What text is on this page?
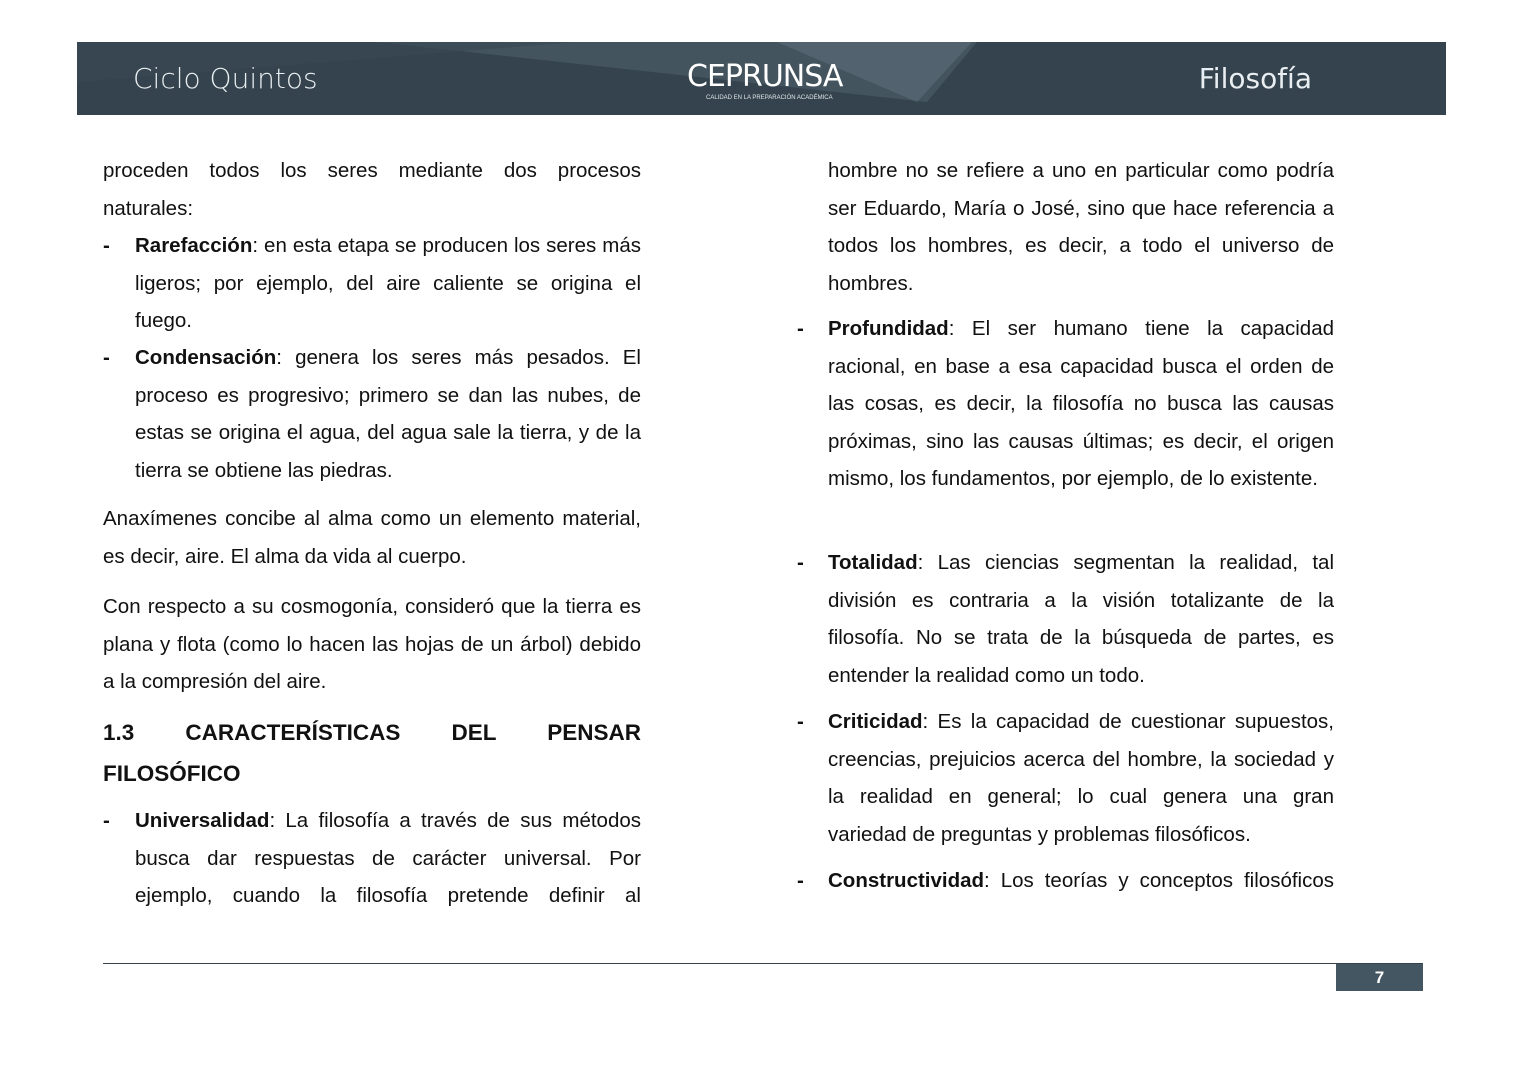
Ciclo Quintos	CEPRUNSA
CALIDAD EN LA PREPARACIÓN ACADÉMICA
Filosofía

proceden todos los seres mediante dos procesos naturales:

- Rarefacción: en esta etapa se producen los seres más ligeros; por ejemplo, del aire caliente se origina el fuego.

- Condensación: genera los seres más pesados. El proceso es progresivo; primero se dan las nubes, de estas se origina el agua, del agua sale la tierra, y de la tierra se obtiene las piedras.

Anaxímenes concibe al alma como un elemento material, es decir, aire. El alma da vida al cuerpo.

Con respecto a su cosmogonía, consideró que la tierra es plana y flota (como lo hacen las hojas de un árbol) debido a la compresión del aire.

1.3 CARACTERÍSTICAS DEL PENSAR FILOSÓFICO
- Universalidad: La filosofía a través de sus métodos busca dar respuestas de carácter universal. Por ejemplo, cuando la filosofía pretende definir al

hombre no se refiere a uno en particular como podría ser Eduardo, María o José, sino que hace referencia a todos los hombres, es decir, a todo el universo de hombres.

- Profundidad: El ser humano tiene la capacidad racional, en base a esa capacidad busca el orden de las cosas, es decir, la filosofía no busca las causas próximas, sino las causas últimas; es decir, el origen mismo, los fundamentos, por ejemplo, de lo existente.

- Totalidad: Las ciencias segmentan la realidad, tal división es contraria a la visión totalizante de la filosofía. No se trata de la búsqueda de partes, es entender la realidad como un todo.

- Criticidad: Es la capacidad de cuestionar supuestos, creencias, prejuicios acerca del hombre, la sociedad y la realidad en general; lo cual genera una gran variedad de preguntas y problemas filosóficos.

- Constructividad: Los teorías y conceptos filosóficos

7
